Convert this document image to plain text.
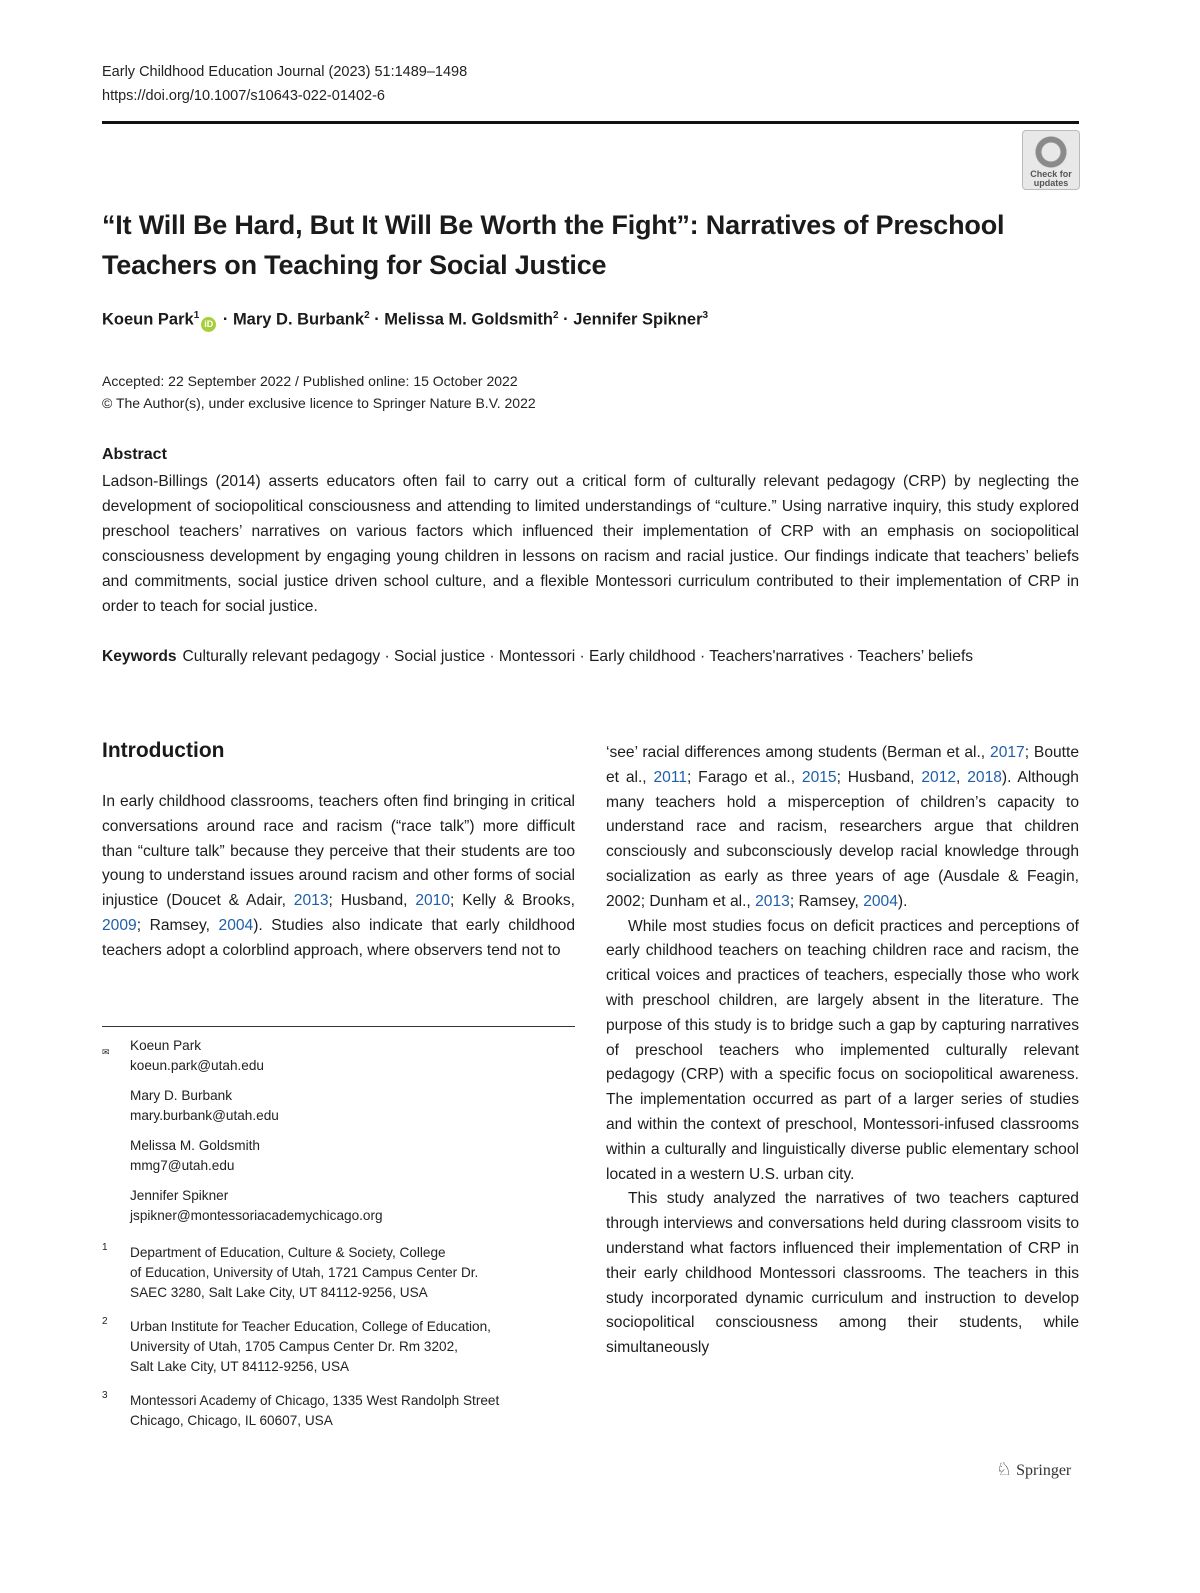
Early Childhood Education Journal (2023) 51:1489–1498
https://doi.org/10.1007/s10643-022-01402-6
Check for
updates
“It Will Be Hard, But It Will Be Worth the Fight”: Narratives of Preschool Teachers on Teaching for Social Justice
Koeun Park$^1$iD · Mary D. Burbank$^2$ · Melissa M. Goldsmith$^2$ · Jennifer Spikner$^3$
Accepted: 22 September 2022 / Published online: 15 October 2022
© The Author(s), under exclusive licence to Springer Nature B.V. 2022
Abstract

Ladson-Billings (2014) asserts educators often fail to carry out a critical form of culturally relevant pedagogy (CRP) by neglecting the development of sociopolitical consciousness and attending to limited understandings of “culture.” Using narrative inquiry, this study explored preschool teachers’ narratives on various factors which influenced their implementation of CRP with an emphasis on sociopolitical consciousness development by engaging young children in lessons on racism and racial justice. Our findings indicate that teachers’ beliefs and commitments, social justice driven school culture, and a flexible Montessori curriculum contributed to their implementation of CRP in order to teach for social justice.

Keywords Culturally relevant pedagogy · Social justice · Montessori · Early childhood · Teachers'narratives · Teachers’ beliefs
Introduction

In early childhood classrooms, teachers often find bringing in critical conversations around race and racism (“race talk”) more difficult than “culture talk” because they perceive that their students are too young to understand issues around racism and other forms of social injustice (Doucet & Adair, 2013; Husband, 2010; Kelly & Brooks, 2009; Ramsey, 2004). Studies also indicate that early childhood teachers adopt a colorblind approach, where observers tend not to

‘see’ racial differences among students (Berman et al., 2017; Boutte et al., 2011; Farago et al., 2015; Husband, 2012, 2018). Although many teachers hold a misperception of children’s capacity to understand race and racism, researchers argue that children consciously and subconsciously develop racial knowledge through socialization as early as three years of age (Ausdale & Feagin, 2002; Dunham et al., 2013; Ramsey, 2004).

While most studies focus on deficit practices and perceptions of early childhood teachers on teaching children race and racism, the critical voices and practices of teachers, especially those who work with preschool children, are largely absent in the literature. The purpose of this study is to bridge such a gap by capturing narratives of preschool teachers who implemented culturally relevant pedagogy (CRP) with a specific focus on sociopolitical awareness. The implementation occurred as part of a larger series of studies and within the context of preschool, Montessori-infused classrooms within a culturally and linguistically diverse public elementary school located in a western U.S. urban city.

This study analyzed the narratives of two teachers captured through interviews and conversations held during classroom visits to understand what factors influenced their implementation of CRP in their early childhood Montessori classrooms. The teachers in this study incorporated dynamic curriculum and instruction to develop sociopolitical consciousness among their students, while simultaneously

✉ Koeun Park
koeun.park@utah.edu
Mary D. Burbank
mary.burbank@utah.edu
Melissa M. Goldsmith
mmg7@utah.edu
Jennifer Spikner
jspikner@montessoriacademychicago.org
1 Department of Education, Culture & Society, College
of Education, University of Utah, 1721 Campus Center Dr.
SAEC 3280, Salt Lake City, UT 84112-9256, USA
2 Urban Institute for Teacher Education, College of Education,
University of Utah, 1705 Campus Center Dr. Rm 3202,
Salt Lake City, UT 84112-9256, USA
3 Montessori Academy of Chicago, 1335 West Randolph Street
Chicago, Chicago, IL 60607, USA
♘ Springer
